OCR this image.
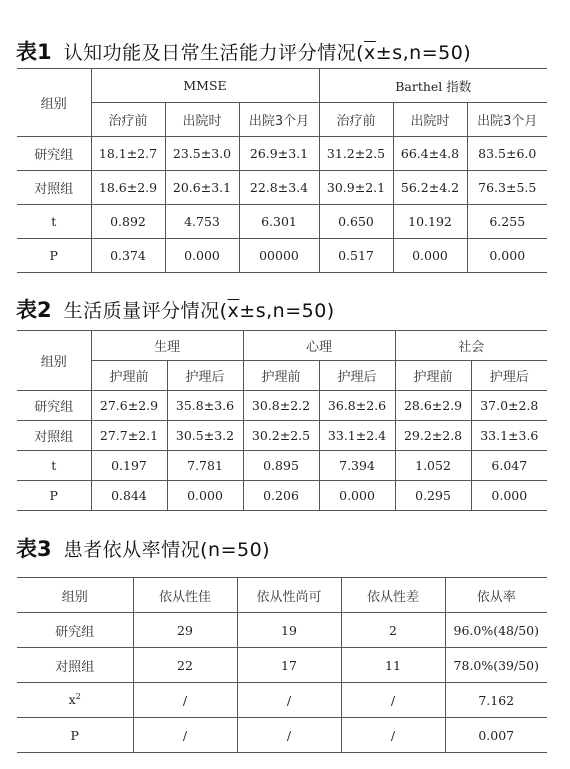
表1 认知功能及日常生活能力评分情况$(\overline{x}\pm s,n=50)$
组别	MMSE			Barthel 指数		
	治疗前	出院时	出院3个月	治疗前	出院时	出院3个月
研究组	18.1±2.7	23.5±3.0	26.9±3.1	31.2±2.5	66.4±4.8	83.5±6.0
对照组	18.6±2.9	20.6±3.1	22.8±3.4	30.9±2.1	56.2±4.2	76.3±5.5
t	0.892	4.753	6.301	0.650	10.192	6.255
P	0.374	0.000	00000	0.517	0.000	0.000
表2 生活质量评分情况$(\overline{x}\pm s,n=50)$
组别	生理		心理		社会	
	护理前	护理后	护理前	护理后	护理前	护理后
研究组	27.6±2.9	35.8±3.6	30.8±2.2	36.8±2.6	28.6±2.9	37.0±2.8
对照组	27.7±2.1	30.5±3.2	30.2±2.5	33.1±2.4	29.2±2.8	33.1±3.6
t	0.197	7.781	0.895	7.394	1.052	6.047
P	0.844	0.000	0.206	0.000	0.295	0.000
表3 患者依从率情况(n=50)
组别	依从性佳	依从性尚可	依从性差	依从率
研究组	29	19	2	96.0%(48/50)
对照组	22	17	11	78.0%(39/50)
$x^2$	/	/	/	7.162
P	/	/	/	0.007
